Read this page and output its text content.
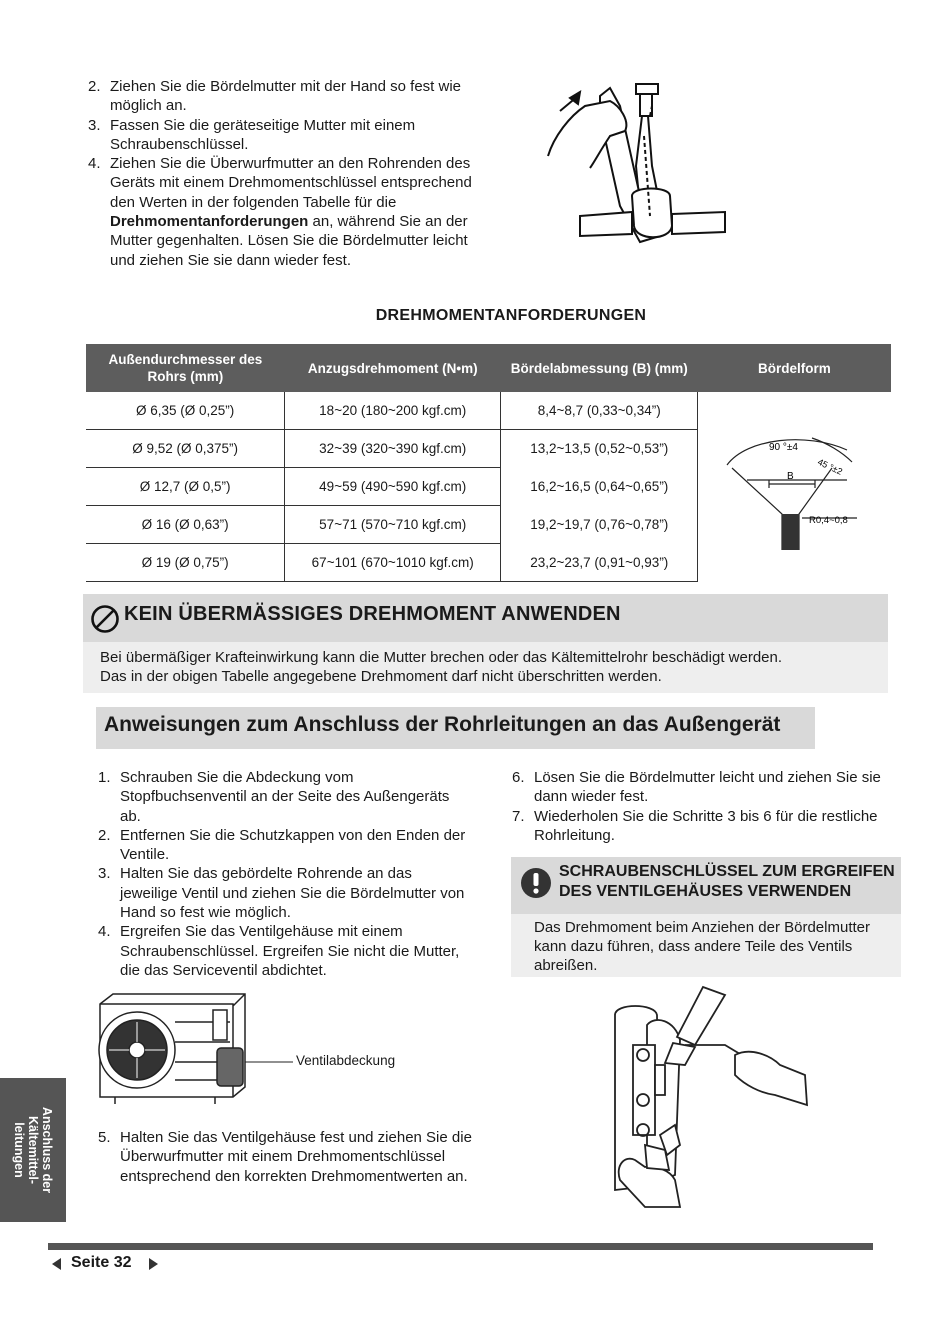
2. Ziehen Sie die Bördelmutter mit der Hand so fest wie möglich an.
3. Fassen Sie die geräteseitige Mutter mit einem Schraubenschlüssel.
4. Ziehen Sie die Überwurfmutter an den Rohrenden des Geräts mit einem Drehmomentschlüssel entsprechend den Werten in der folgenden Tabelle für die Drehmomentanforderungen an, während Sie an der Mutter gegenhalten. Lösen Sie die Bördelmutter leicht und ziehen Sie sie dann wieder fest.
DREHMOMENTANFORDERUNGEN
Außendurchmesser des Rohrs (mm)	Anzugsdrehmoment (N•m)	Bördelabmessung (B) (mm)	Bördelform
Ø 6,35 (Ø 0,25”)	18~20 (180~200 kgf.cm)	8,4~8,7 (0,33~0,34”)	90 °±4
45 °±2
B
R0,4~0,8

Ø 9,52 (Ø 0,375”)	32~39 (320~390 kgf.cm)	13,2~13,5 (0,52~0,53”)	
Ø 12,7 (Ø 0,5”)	49~59 (490~590 kgf.cm)	16,2~16,5 (0,64~0,65”)	
Ø 16 (Ø 0,63”)	57~71 (570~710 kgf.cm)	19,2~19,7 (0,76~0,78”)	
Ø 19 (Ø 0,75”)	67~101 (670~1010 kgf.cm)	23,2~23,7 (0,91~0,93”)	
KEIN ÜBERMÄSSIGES DREHMOMENT ANWENDEN
Bei übermäßiger Krafteinwirkung kann die Mutter brechen oder das Kältemittelrohr beschädigt werden.
Das in der obigen Tabelle angegebene Drehmoment darf nicht überschritten werden.
Anweisungen zum Anschluss der Rohrleitungen an das Außengerät
1. Schrauben Sie die Abdeckung vom Stopfbuchsenventil an der Seite des Außengeräts ab.
2. Entfernen Sie die Schutzkappen von den Enden der Ventile.
3. Halten Sie das gebördelte Rohrende an das jeweilige Ventil und ziehen Sie die Bördelmutter von Hand so fest wie möglich.
4. Ergreifen Sie das Ventilgehäuse mit einem Schraubenschlüssel. Ergreifen Sie nicht die Mutter, die das Serviceventil abdichtet.
Ventilabdeckung
5. Halten Sie das Ventilgehäuse fest und ziehen Sie die Überwurfmutter mit einem Drehmomentschlüssel entsprechend den korrekten Drehmomentwerten an.
6. Lösen Sie die Bördelmutter leicht und ziehen Sie sie dann wieder fest.
7. Wiederholen Sie die Schritte 3 bis 6 für die restliche Rohrleitung.
SCHRAUBENSCHLÜSSEL ZUM ERGREIFEN
DES VENTILGEHÄUSES VERWENDEN
Das Drehmoment beim Anziehen der Bördelmutter kann dazu führen, dass andere Teile des Ventils abreißen.
Anschluss der
Kältemittel-
leitungen
Seite 32
